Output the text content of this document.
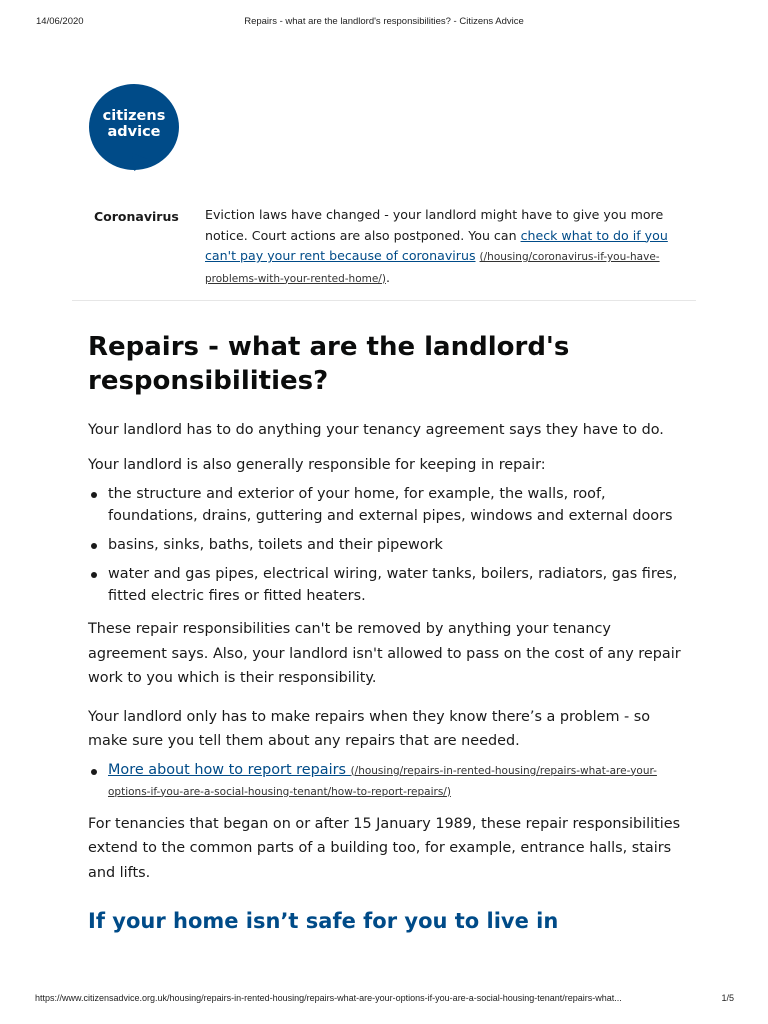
14/06/2020	Repairs - what are the landlord's responsibilities? - Citizens Advice
citizens
advice
Coronavirus Eviction laws have changed - your landlord might have to give you more notice. Court actions are also postponed. You can check what to do if you can't pay your rent because of coronavirus (/housing/coronavirus-if-you-have-problems-with-your-rented-home/).
Repairs - what are the landlord's responsibilities?

Your landlord has to do anything your tenancy agreement says they have to do.

Your landlord is also generally responsible for keeping in repair:

the structure and exterior of your home, for example, the walls, roof, foundations, drains, guttering and external pipes, windows and external doors
basins, sinks, baths, toilets and their pipework
water and gas pipes, electrical wiring, water tanks, boilers, radiators, gas fires, fitted electric fires or fitted heaters.

These repair responsibilities can't be removed by anything your tenancy agreement says. Also, your landlord isn't allowed to pass on the cost of any repair work to you which is their responsibility.

Your landlord only has to make repairs when they know there’s a problem - so make sure you tell them about any repairs that are needed.

More about how to report repairs (/housing/repairs-in-rented-housing/repairs-what-are-your-options-if-you-are-a-social-housing-tenant/how-to-report-repairs/)

For tenancies that began on or after 15 January 1989, these repair responsibilities extend to the common parts of a building too, for example, entrance halls, stairs and lifts.

If your home isn’t safe for you to live in
https://www.citizensadvice.org.uk/housing/repairs-in-rented-housing/repairs-what-are-your-options-if-you-are-a-social-housing-tenant/repairs-what...	1/5
